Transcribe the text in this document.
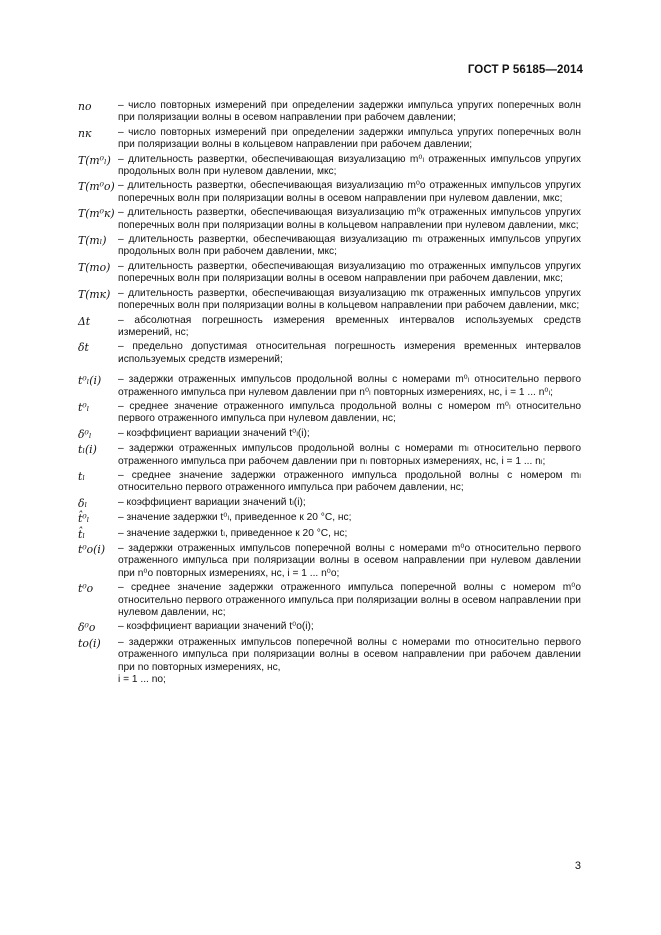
ГОСТ Р 56185—2014
nо	– число повторных измерений при определении задержки импульса упругих поперечных волн при поляризации волны в осевом направлении при рабочем давлении;
nк	– число повторных измерений при определении задержки импульса упругих поперечных волн при поляризации волны в кольцевом направлении при рабочем давлении;
T(m⁰ₗ) – длительность развертки, обеспечивающая визуализацию m⁰ₗ отраженных импульсов упругих продольных волн при нулевом давлении, мкс;
T(m⁰о) – длительность развертки, обеспечивающая визуализацию m⁰о отраженных импульсов упругих поперечных волн при поляризации волны в осевом направлении при нулевом давлении, мкс;
T(m⁰к) – длительность развертки, обеспечивающая визуализацию m⁰к отраженных импульсов упругих поперечных волн при поляризации волны в кольцевом направлении при нулевом давлении, мкс;
T(mₗ)	– длительность развертки, обеспечивающая визуализацию mₗ отраженных импульсов упругих продольных волн при рабочем давлении, мкс;
T(mо) – длительность развертки, обеспечивающая визуализацию mо отраженных импульсов упругих поперечных волн при поляризации волны в осевом направлении при рабочем давлении, мкс;
T(mк) – длительность развертки, обеспечивающая визуализацию mк отраженных импульсов упругих поперечных волн при поляризации волны в кольцевом направлении при рабочем давлении, мкс;
Δt	– абсолютная погрешность измерения временных интервалов используемых средств измерений, нс;
δt	– предельно допустимая относительная погрешность измерения временных интервалов используемых средств измерений;
t⁰ₗ(i)	– задержки отраженных импульсов продольной волны с номерами m⁰ₗ относительно первого отраженного импульса при нулевом давлении при n⁰ₗ повторных измерениях, нс, i = 1 ... n⁰ₗ;
t⁰ₗ	– среднее значение отраженного импульса продольной волны с номером m⁰ₗ относительно первого отраженного импульса при нулевом давлении, нс;
δ⁰ₗ	– коэффициент вариации значений t⁰ₗ(i);
tₗ(i)	– задержки отраженных импульсов продольной волны с номерами mₗ относительно первого отраженного импульса при рабочем давлении при nₗ повторных измерениях, нс, i = 1 ... nₗ;
tₗ	– среднее значение задержки отраженного импульса продольной волны с номером mₗ относительно первого отраженного импульса при рабочем давлении, нс;
δₗ	– коэффициент вариации значений tₗ(i);
t̂⁰ₗ	– значение задержки t⁰ₗ, приведенное к 20 °С, нс;
t̂ₗ	– значение задержки tₗ, приведенное к 20 °С, нс;
t⁰о(i)	– задержки отраженных импульсов поперечной волны с номерами m⁰о относительно первого отраженного импульса при поляризации волны в осевом направлении при нулевом давлении при n⁰о повторных измерениях, нс, i = 1 ... n⁰о;
t⁰о	– среднее значение задержки отраженного импульса поперечной волны с номером m⁰о относительно первого отраженного импульса при поляризации волны в осевом направлении при нулевом давлении, нс;
δ⁰о	– коэффициент вариации значений t⁰о(i);
tо(i)	– задержки отраженных импульсов поперечной волны с номерами mо относительно первого отраженного импульса при поляризации волны в осевом направлении при рабочем давлении при nо повторных измерениях, нс,
i = 1 ... nо;
3
